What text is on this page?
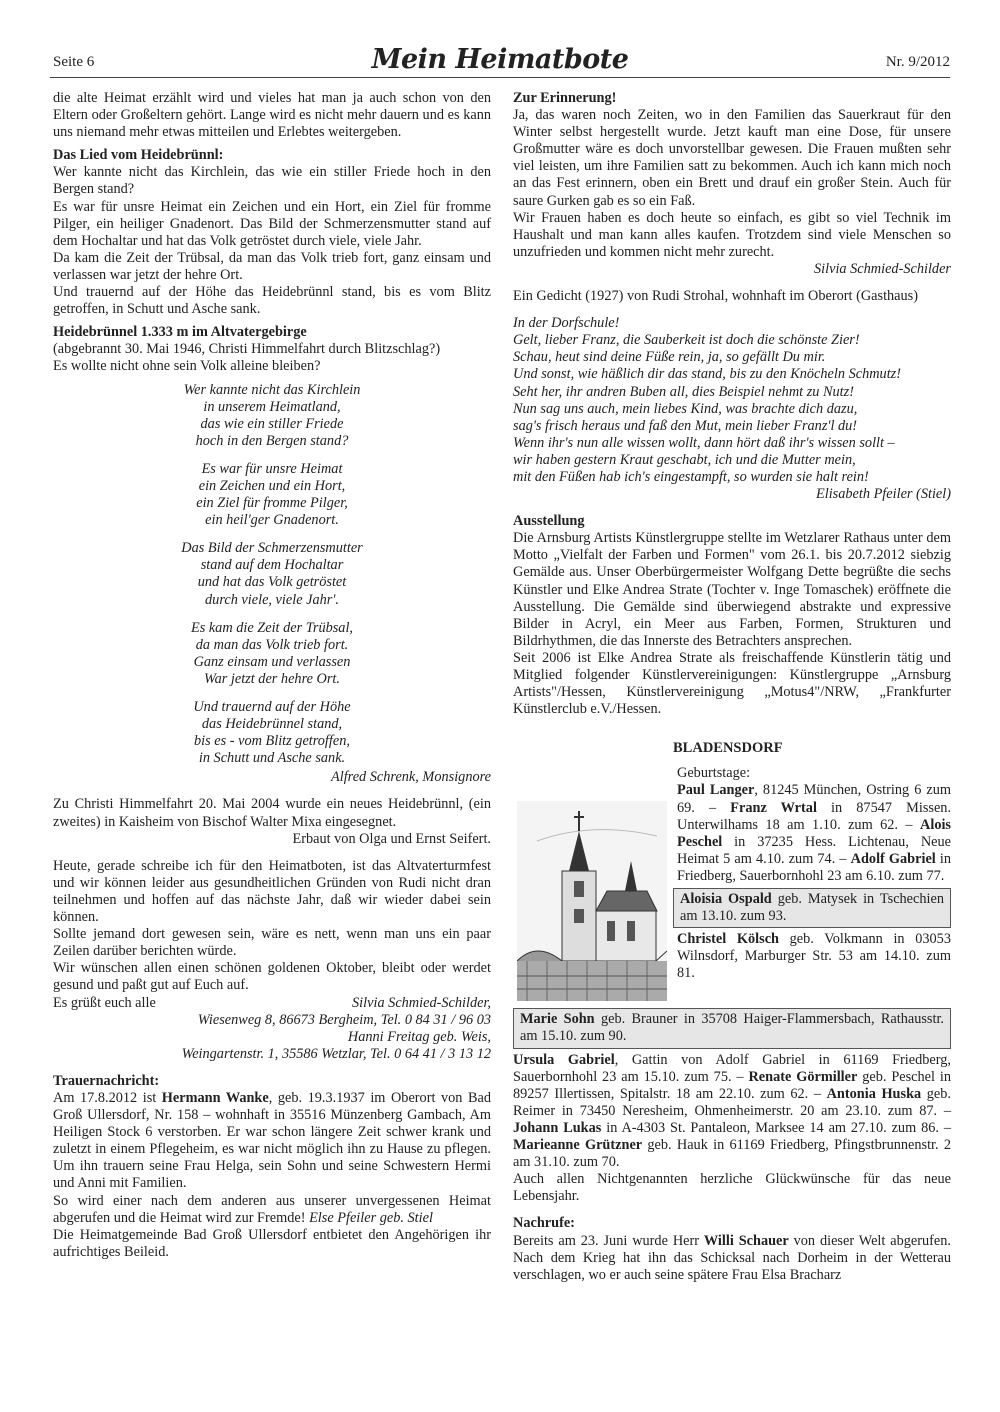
Seite 6	Mein Heimatbote	Nr. 9/2012

die alte Heimat erzählt wird und vieles hat man ja auch schon von den Eltern oder Großeltern gehört. Lange wird es nicht mehr dauern und es kann uns niemand mehr etwas mitteilen und Erlebtes weitergeben.

Das Lied vom Heidebrünnl:

Wer kannte nicht das Kirchlein, das wie ein stiller Friede hoch in den Bergen stand?

Es war für unsre Heimat ein Zeichen und ein Hort, ein Ziel für fromme Pilger, ein heiliger Gnadenort. Das Bild der Schmerzensmutter stand auf dem Hochaltar und hat das Volk getröstet durch viele, viele Jahr.

Da kam die Zeit der Trübsal, da man das Volk trieb fort, ganz einsam und verlassen war jetzt der hehre Ort.

Und trauernd auf der Höhe das Heidebrünnl stand, bis es vom Blitz getroffen, in Schutt und Asche sank.

Heidebrünnel 1.333 m im Altvatergebirge

(abgebrannt 30. Mai 1946, Christi Himmelfahrt durch Blitzschlag?)

Es wollte nicht ohne sein Volk alleine bleiben?

Wer kannte nicht das Kirchlein
in unserem Heimatland,
das wie ein stiller Friede
hoch in den Bergen stand?
Es war für unsre Heimat
ein Zeichen und ein Hort,
ein Ziel für fromme Pilger,
ein heil'ger Gnadenort.
Das Bild der Schmerzensmutter
stand auf dem Hochaltar
und hat das Volk getröstet
durch viele, viele Jahr'.
Es kam die Zeit der Trübsal,
da man das Volk trieb fort.
Ganz einsam und verlassen
War jetzt der hehre Ort.
Und trauernd auf der Höhe
das Heidebrünnel stand,
bis es - vom Blitz getroffen,
in Schutt und Asche sank.

Alfred Schrenk, Monsignore

Zu Christi Himmelfahrt 20. Mai 2004 wurde ein neues Heidebrünnl, (ein zweites) in Kaisheim von Bischof Walter Mixa eingesegnet.

Erbaut von Olga und Ernst Seifert.

Heute, gerade schreibe ich für den Heimatboten, ist das Altvaterturmfest und wir können leider aus gesundheitlichen Gründen von Rudi nicht dran teilnehmen und hoffen auf das nächste Jahr, daß wir wieder dabei sein können.

Sollte jemand dort gewesen sein, wäre es nett, wenn man uns ein paar Zeilen darüber berichten würde.

Wir wünschen allen einen schönen goldenen Oktober, bleibt oder werdet gesund und paßt gut auf Euch auf.

Es grüßt euch alle	Silvia Schmied-Schilder,

Wiesenweg 8, 86673 Bergheim, Tel. 0 84 31 / 96 03

Hanni Freitag geb. Weis,

Weingartenstr. 1, 35586 Wetzlar, Tel. 0 64 41 / 3 13 12

Trauernachricht:

Am 17.8.2012 ist Hermann Wanke, geb. 19.3.1937 im Oberort von Bad Groß Ullersdorf, Nr. 158 – wohnhaft in 35516 Münzenberg Gambach, Am Heiligen Stock 6 verstorben. Er war schon längere Zeit schwer krank und zuletzt in einem Pflegeheim, es war nicht möglich ihn zu Hause zu pflegen. Um ihn trauern seine Frau Helga, sein Sohn und seine Schwestern Hermi und Anni mit Familien.

So wird einer nach dem anderen aus unserer unvergessenen Heimat abgerufen und die Heimat wird zur Fremde! Else Pfeiler geb. Stiel

Die Heimatgemeinde Bad Groß Ullersdorf entbietet den Angehörigen ihr aufrichtiges Beileid.

Zur Erinnerung!

Ja, das waren noch Zeiten, wo in den Familien das Sauerkraut für den Winter selbst hergestellt wurde. Jetzt kauft man eine Dose, für unsere Großmutter wäre es doch unvorstellbar gewesen. Die Frauen mußten sehr viel leisten, um ihre Familien satt zu bekommen. Auch ich kann mich noch an das Fest erinnern, oben ein Brett und drauf ein großer Stein. Auch für saure Gurken gab es so ein Faß.

Wir Frauen haben es doch heute so einfach, es gibt so viel Technik im Haushalt und man kann alles kaufen. Trotzdem sind viele Menschen so unzufrieden und kommen nicht mehr zurecht.

Silvia Schmied-Schilder

Ein Gedicht (1927) von Rudi Strohal, wohnhaft im Oberort (Gasthaus)

In der Dorfschule!
Gelt, lieber Franz, die Sauberkeit ist doch die schönste Zier!
Schau, heut sind deine Füße rein, ja, so gefällt Du mir.
Und sonst, wie häßlich dir das stand, bis zu den Knöcheln Schmutz!
Seht her, ihr andren Buben all, dies Beispiel nehmt zu Nutz!
Nun sag uns auch, mein liebes Kind, was brachte dich dazu,
sag's frisch heraus und faß den Mut, mein lieber Franz'l du!
Wenn ihr's nun alle wissen wollt, dann hört daß ihr's wissen sollt –
wir haben gestern Kraut geschabt, ich und die Mutter mein,
mit den Füßen hab ich's eingestampft, so wurden sie halt rein!

Elisabeth Pfeiler (Stiel)

Ausstellung

Die Arnsburg Artists Künstlergruppe stellte im Wetzlarer Rathaus unter dem Motto „Vielfalt der Farben und Formen" vom 26.1. bis 20.7.2012 siebzig Gemälde aus. Unser Oberbürgermeister Wolfgang Dette begrüßte die sechs Künstler und Elke Andrea Strate (Tochter v. Inge Tomaschek) eröffnete die Ausstellung. Die Gemälde sind überwiegend abstrakte und expressive Bilder in Acryl, ein Meer aus Farben, Formen, Strukturen und Bildrhythmen, die das Innerste des Betrachters ansprechen.

Seit 2006 ist Elke Andrea Strate als freischaffende Künstlerin tätig und Mitglied folgender Künstlervereinigungen: Künstlergruppe „Arnsburg Artists"/Hessen, Künstlervereinigung „Motus4"/NRW, „Frankfurter Künstlerclub e.V./Hessen.

BLADENSDORF
Geburtstage:

Paul Langer, 81245 München, Ostring 6 zum 69. – Franz Wrtal in 87547 Missen. Unterwilhams 18 am 1.10. zum 62. – Alois Peschel in 37235 Hess. Lichtenau, Neue Heimat 5 am 4.10. zum 74. – Adolf Gabriel in Friedberg, Sauerbornhohl 23 am 6.10. zum 77.

Aloisia Ospald geb. Matysek in Tschechien am 13.10. zum 93.

Christel Kölsch geb. Volkmann in 03053 Wilnsdorf, Marburger Str. 53 am 14.10. zum 81.

Marie Sohn geb. Brauner in 35708 Haiger-Flammersbach, Rathausstr. am 15.10. zum 90.

Ursula Gabriel, Gattin von Adolf Gabriel in 61169 Friedberg, Sauerbornhohl 23 am 15.10. zum 75. – Renate Görmiller geb. Peschel in 89257 Illertissen, Spitalstr. 18 am 22.10. zum 62. – Antonia Huska geb. Reimer in 73450 Neresheim, Ohmenheimerstr. 20 am 23.10. zum 87. – Johann Lukas in A-4303 St. Pantaleon, Marksee 14 am 27.10. zum 86. – Marieanne Grützner geb. Hauk in 61169 Friedberg, Pfingstbrunnenstr. 2 am 31.10. zum 70.

Auch allen Nichtgenannten herzliche Glückwünsche für das neue Lebensjahr.

Nachrufe:

Bereits am 23. Juni wurde Herr Willi Schauer von dieser Welt abgerufen. Nach dem Krieg hat ihn das Schicksal nach Dorheim in der Wetterau verschlagen, wo er auch seine spätere Frau Elsa Bracharz
